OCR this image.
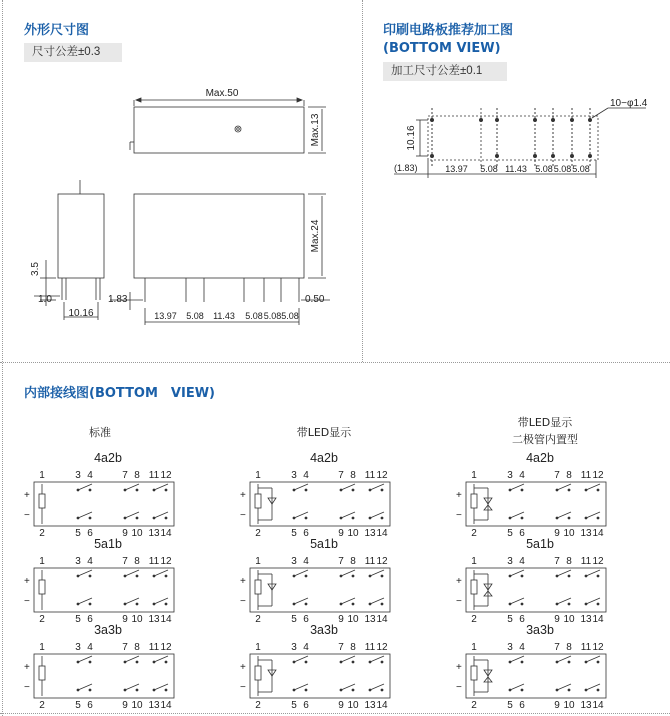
外形尺寸图
尺寸公差±0.3
Max.50
Max.13
Max.24
3.5
1.0
10.16
1.83	0.50
13.97 5.08 11.43 5.08 5.08 5.08
印刷电路板推荐加工图
(BOTTOM VIEW)
加工尺寸公差±0.1
10−φ1.4
10.16
(1.83)	13.97 5.08 11.43 5.08 5.08 5.08
内部接线图(BOTTOM　VIEW)
标准	带LED显示
带LED显示
二极管内置型
4a2b
1	3 4	7 8 11 12
2	5 6	9 10 13 14
+
−
4a2b
1	3 4	7 8 11 12
2	5 6	9 10 13 14
+
−
4a2b
1	3 4	7 8 11 12
2	5 6	9 10 13 14
+
−
5a1b
1	3 4	7 8 11 12
2	5 6	9 10 13 14
+
−
5a1b
1	3 4	7 8 11 12
2	5 6	9 10 13 14
+
−
5a1b
1	3 4	7 8 11 12
2	5 6	9 10 13 14
+
−
3a3b
1	3 4	7 8 11 12
2	5 6	9 10 13 14
+
−
3a3b
1	3 4	7 8 11 12
2	5 6	9 10 13 14
+
−
3a3b
1	3 4	7 8 11 12
2	5 6	9 10 13 14
+
−
